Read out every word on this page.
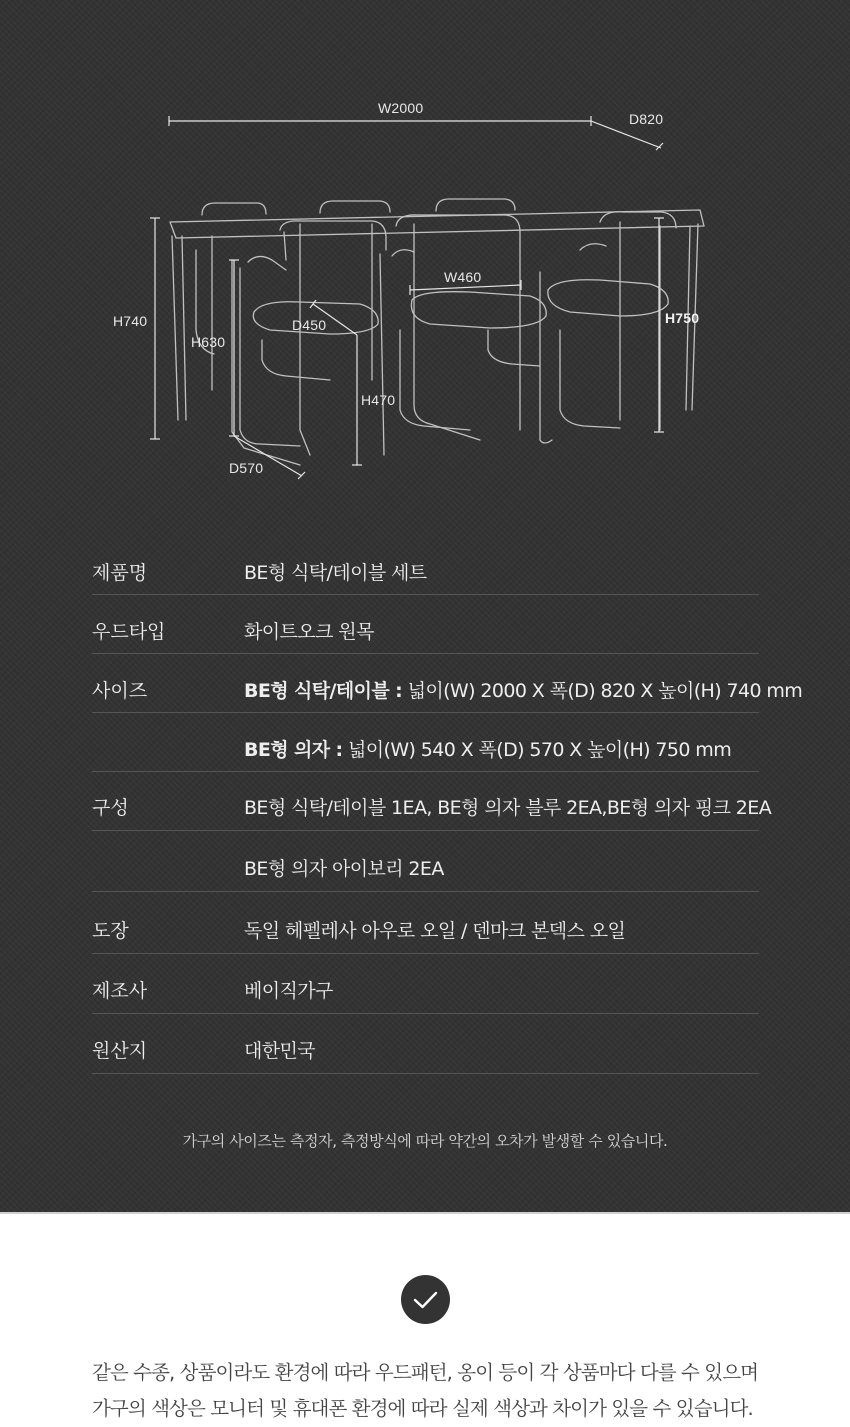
W2000
D820
H740
H630
D450
W460
H750
H470
D570
제품명	BE형 식탁/테이블 세트
우드타입	화이트오크 원목
사이즈	BE형 식탁/테이블 : 넓이(W) 2000 X 폭(D) 820 X 높이(H) 740 mm
BE형 의자 : 넓이(W) 540 X 폭(D) 570 X 높이(H) 750 mm
구성	BE형 식탁/테이블 1EA, BE형 의자 블루 2EA,BE형 의자 핑크 2EA
BE형 의자 아이보리 2EA
도장	독일 헤펠레사 아우로 오일 / 덴마크 본덱스 오일
제조사	베이직가구
원산지	대한민국
가구의 사이즈는 측정자, 측정방식에 따라 약간의 오차가 발생할 수 있습니다.
같은 수종, 상품이라도 환경에 따라 우드패턴, 옹이 등이 각 상품마다 다를 수 있으며
가구의 색상은 모니터 및 휴대폰 환경에 따라 실제 색상과 차이가 있을 수 있습니다.
